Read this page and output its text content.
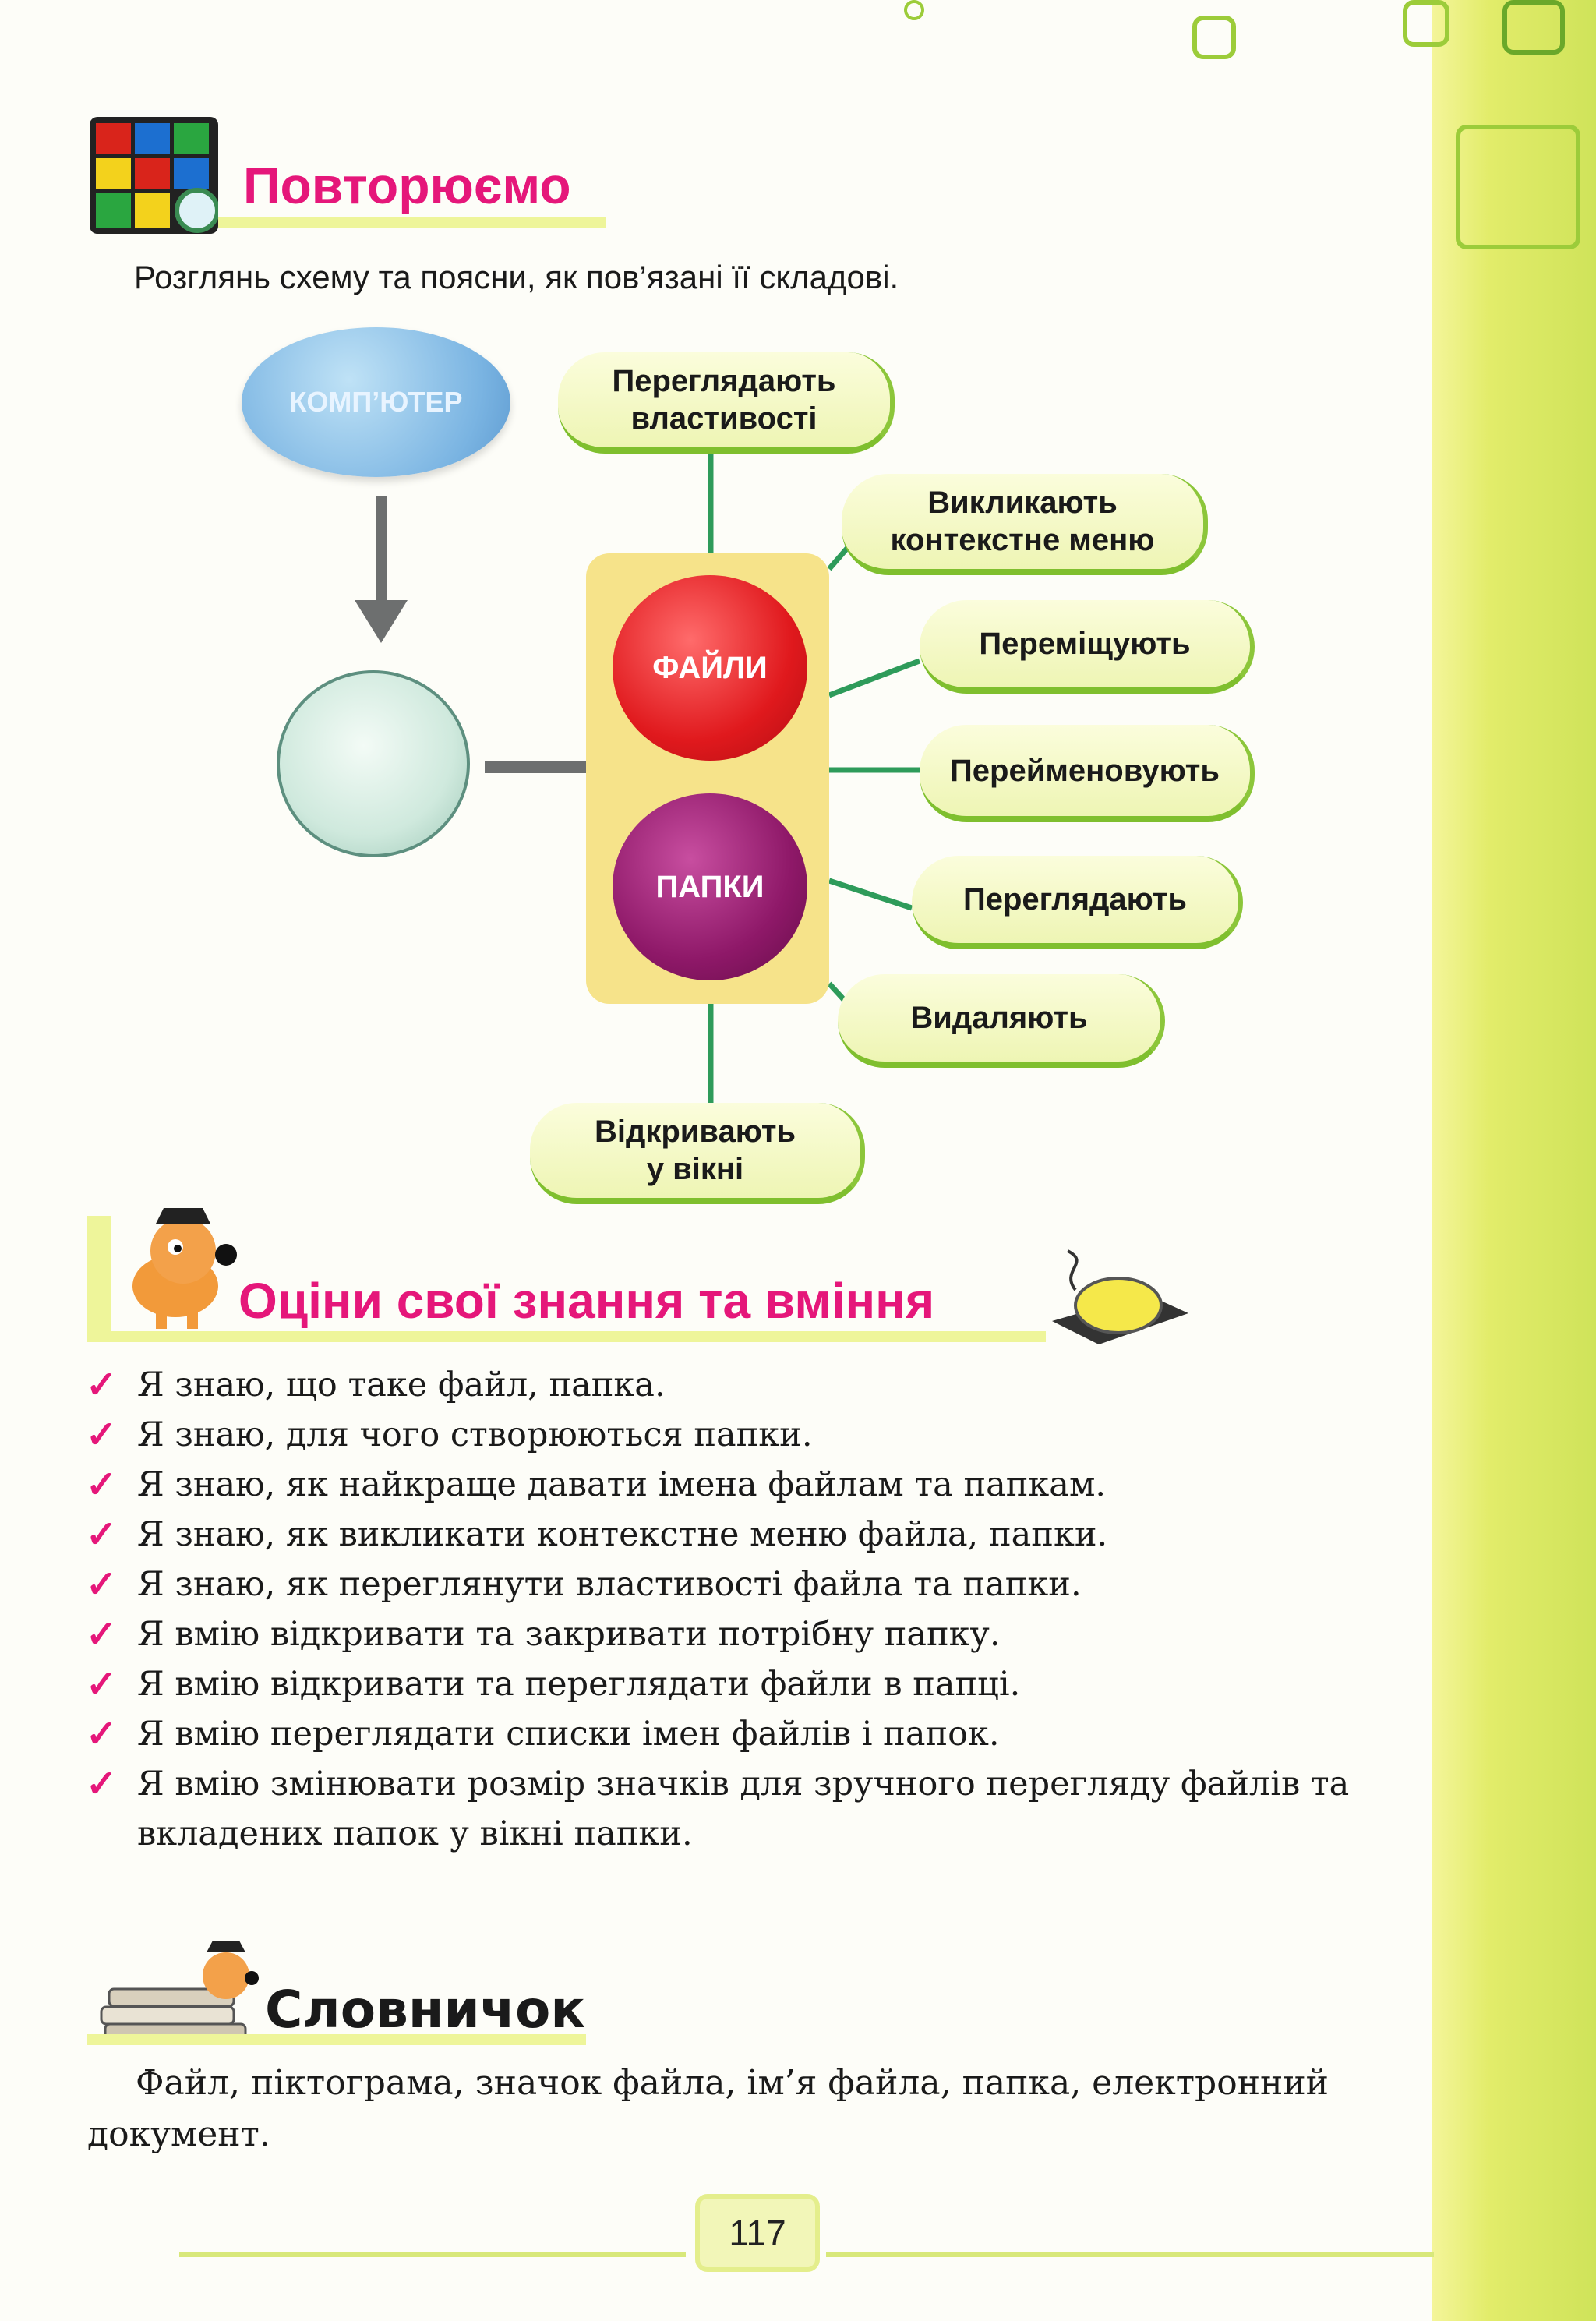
Повторюємо
Розглянь схему та поясни, як пов’язані її складові.
КОМП’ЮТЕР
ФАЙЛИ
ПАПКИ
Переглядають
властивості
Викликають
контекстне меню
Переміщують
Перейменовують
Переглядають
Видаляють
Відкривають
у вікні
Оціни свої знання та вміння
✓ Я знаю, що таке файл, папка.
✓ Я знаю, для чого створюються папки.
✓ Я знаю, як найкраще давати імена файлам та папкам.
✓ Я знаю, як викликати контекстне меню файла, папки.
✓ Я знаю, як переглянути властивості файла та папки.
✓ Я вмію відкривати та закривати потрібну папку.
✓ Я вмію відкривати та переглядати файли в папці.
✓ Я вмію переглядати списки імен файлів і папок.
✓ Я вмію змінювати розмір значків для зручного перегляду файлів та вкладених папок у вікні папки.
Словничок
Файл, піктограма, значок файла, ім’я файла, папка, електронний документ.
117
